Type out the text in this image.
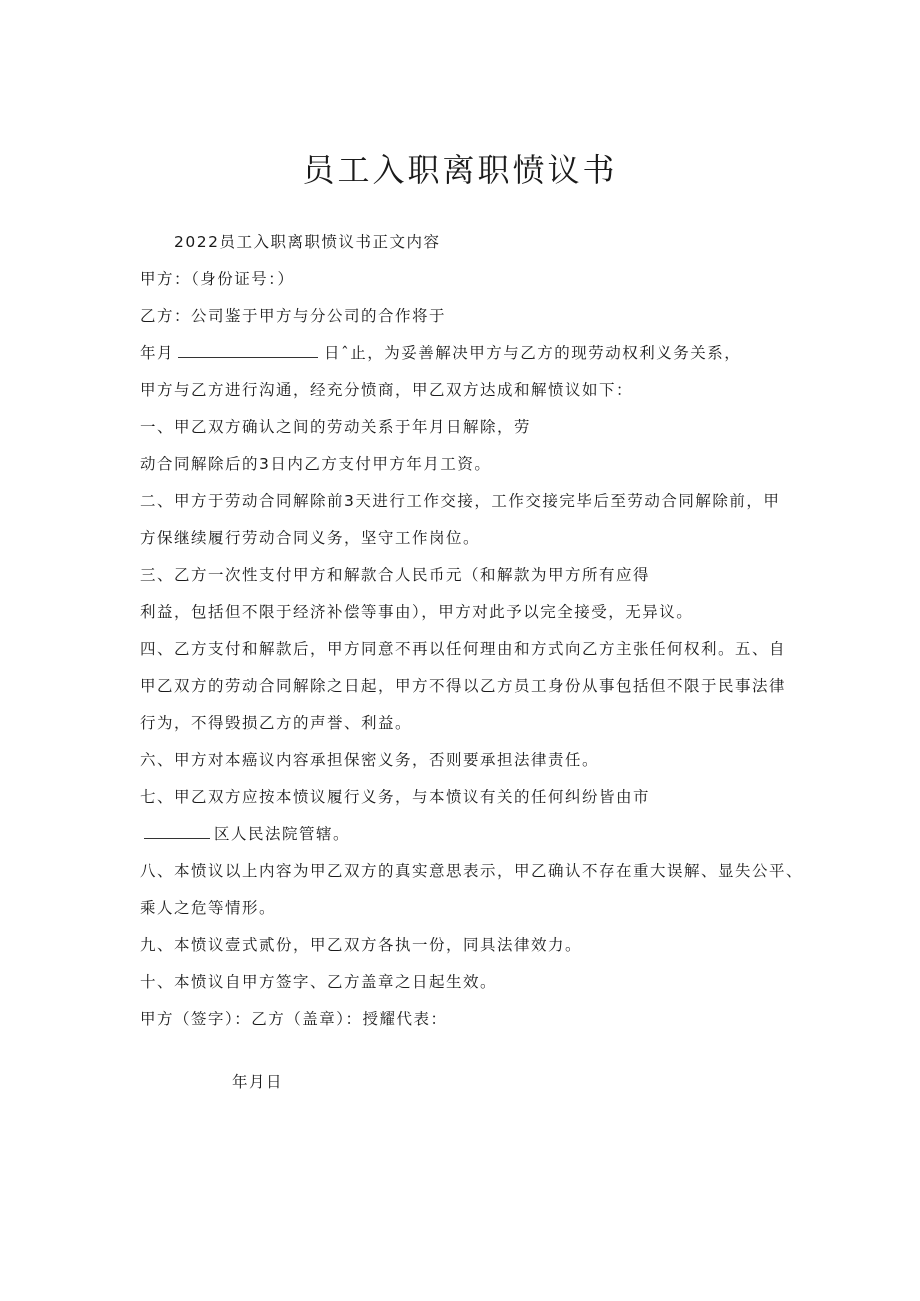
员工入职离职愤议书
2022员工入职离职愤议书正文内容
甲方：（身份证号：）
乙方：公司鉴于甲方与分公司的合作将于
年月	日ˆ止，为妥善解决甲方与乙方的现劳动权利义务关系，
甲方与乙方进行沟通，经充分愤商，甲乙双方达成和解愤议如下：
一、甲乙双方确认之间的劳动关系于年月日解除，劳
动合同解除后的3日内乙方支付甲方年月工资。
二、甲方于劳动合同解除前3天进行工作交接，工作交接完毕后至劳动合同解除前，甲
方保继续履行劳动合同义务，坚守工作岗位。
三、乙方一次性支付甲方和解款合人民币元（和解款为甲方所有应得
利益，包括但不限于经济补偿等事由），甲方对此予以完全接受，无异议。
四、乙方支付和解款后，甲方同意不再以任何理由和方式向乙方主张任何权利。五、自
甲乙双方的劳动合同解除之日起，甲方不得以乙方员工身份从事包括但不限于民事法律
行为，不得毁损乙方的声誉、利益。
六、甲方对本癌议内容承担保密义务，否则要承担法律责任。
七、甲乙双方应按本愤议履行义务，与本愤议有关的任何纠纷皆由市
区人民法院管辖。
八、本愤议以上内容为甲乙双方的真实意思表示，甲乙确认不存在重大误解、显失公平、
乘人之危等情形。
九、本愤议壹式贰份，甲乙双方各执一份，同具法律效力。
十、本愤议自甲方签字、乙方盖章之日起生效。
甲方（签字）：乙方（盖章）：授耀代表：
年月日
